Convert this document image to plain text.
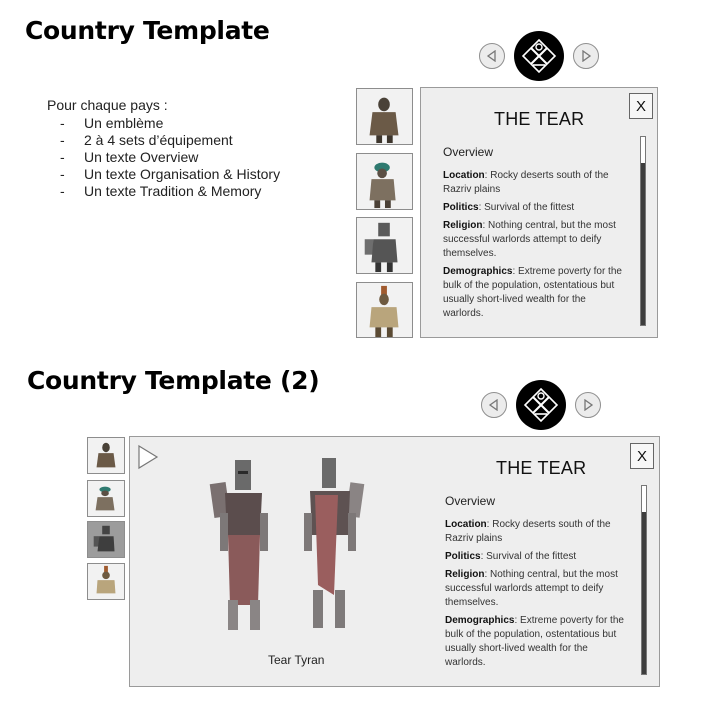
Country Template
Pour chaque pays :
- Un emblème
- 2 à 4 sets d’équipement
- Un texte Overview
- Un texte Organisation & History
- Un texte Tradition & Memory
X
THE TEAR
Overview

Location: Rocky deserts south of the Razriv plains

Politics: Survival of the fittest

Religion: Nothing central, but the most successful warlords attempt to deify themselves.

Demographics: Extreme poverty for the bulk of the population, ostentatious but usually short-lived wealth for the warlords.

Country Template (2)
Tear Tyran
X
THE TEAR
Overview

Location: Rocky deserts south of the Razriv plains

Politics: Survival of the fittest

Religion: Nothing central, but the most successful warlords attempt to deify themselves.

Demographics: Extreme poverty for the bulk of the population, ostentatious but usually short-lived wealth for the warlords.
